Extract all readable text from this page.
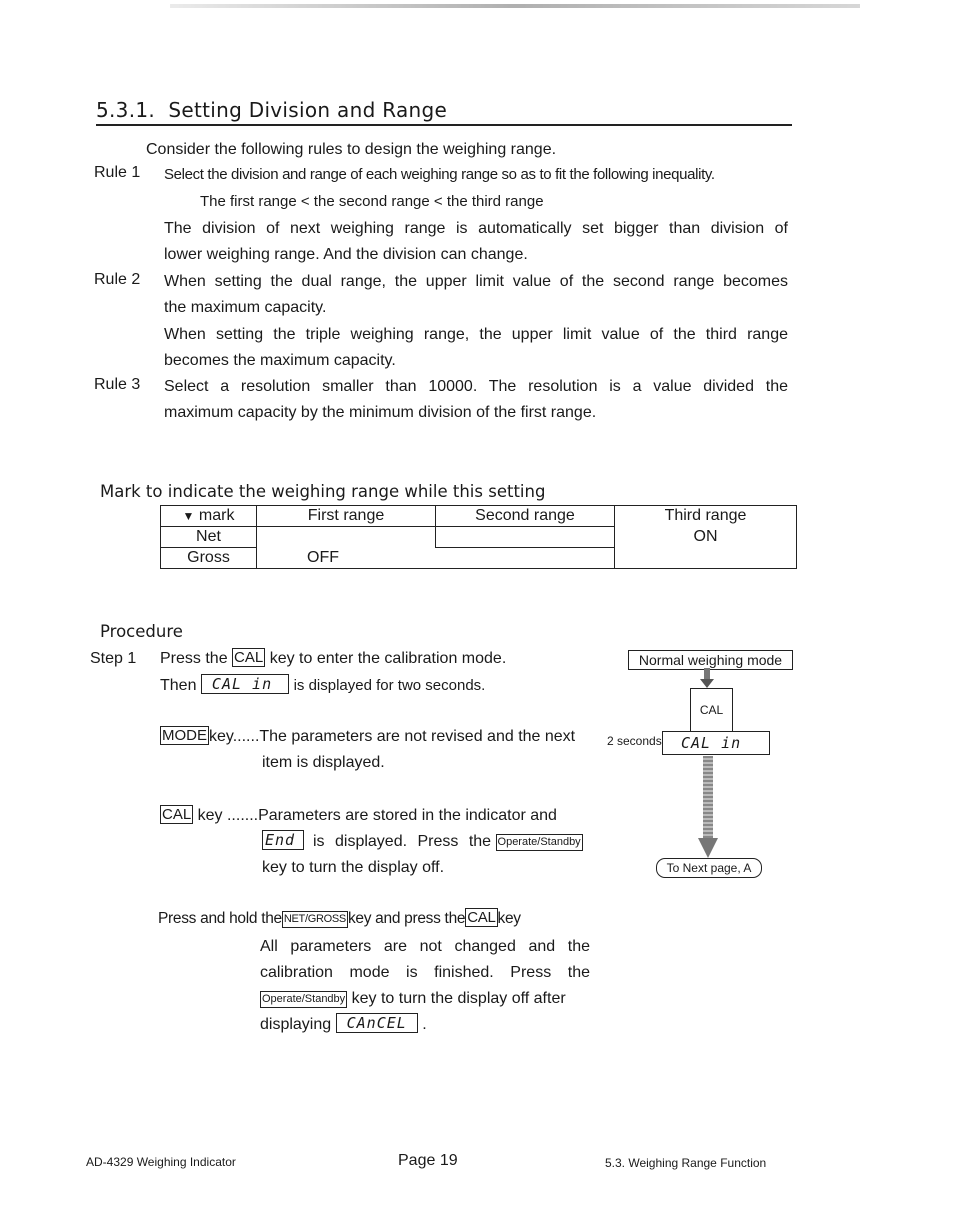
5.3.1. Setting Division and Range
Consider the following rules to design the weighing range.
Rule 1 Select the division and range of each weighing range so as to fit the following inequality.
The first range < the second range < the third range
The division of next weighing range is automatically set bigger than division of
lower weighing range. And the division can change.
Rule 2 When setting the dual range, the upper limit value of the second range becomes
the maximum capacity.
When setting the triple weighing range, the upper limit value of the third range
becomes the maximum capacity.
Rule 3 Select a resolution smaller than 10000. The resolution is a value divided the
maximum capacity by the minimum division of the first range.
Mark to indicate the weighing range while this setting
▼ mark	First range	Second range	Third range
Net			ON
Gross	OFF		
Procedure
Step 1 Press the CAL key to enter the calibration mode.
Then CAL in is displayed for two seconds.
MODE key......The parameters are not revised and the next
item is displayed.
CAL key .......Parameters are stored in the indicator and
End is displayed. Press the Operate/Standby
key to turn the display off.
Press and hold the NET/GROSS key and press the CAL key
All parameters are not changed and the
calibration mode is finished. Press the
Operate/Standby key to turn the display off after
displaying CAnCEL .
Normal weighing mode
CAL
2 seconds	CAL in
To Next page, A
AD-4329 Weighing Indicator	Page 19	5.3. Weighing Range Function
